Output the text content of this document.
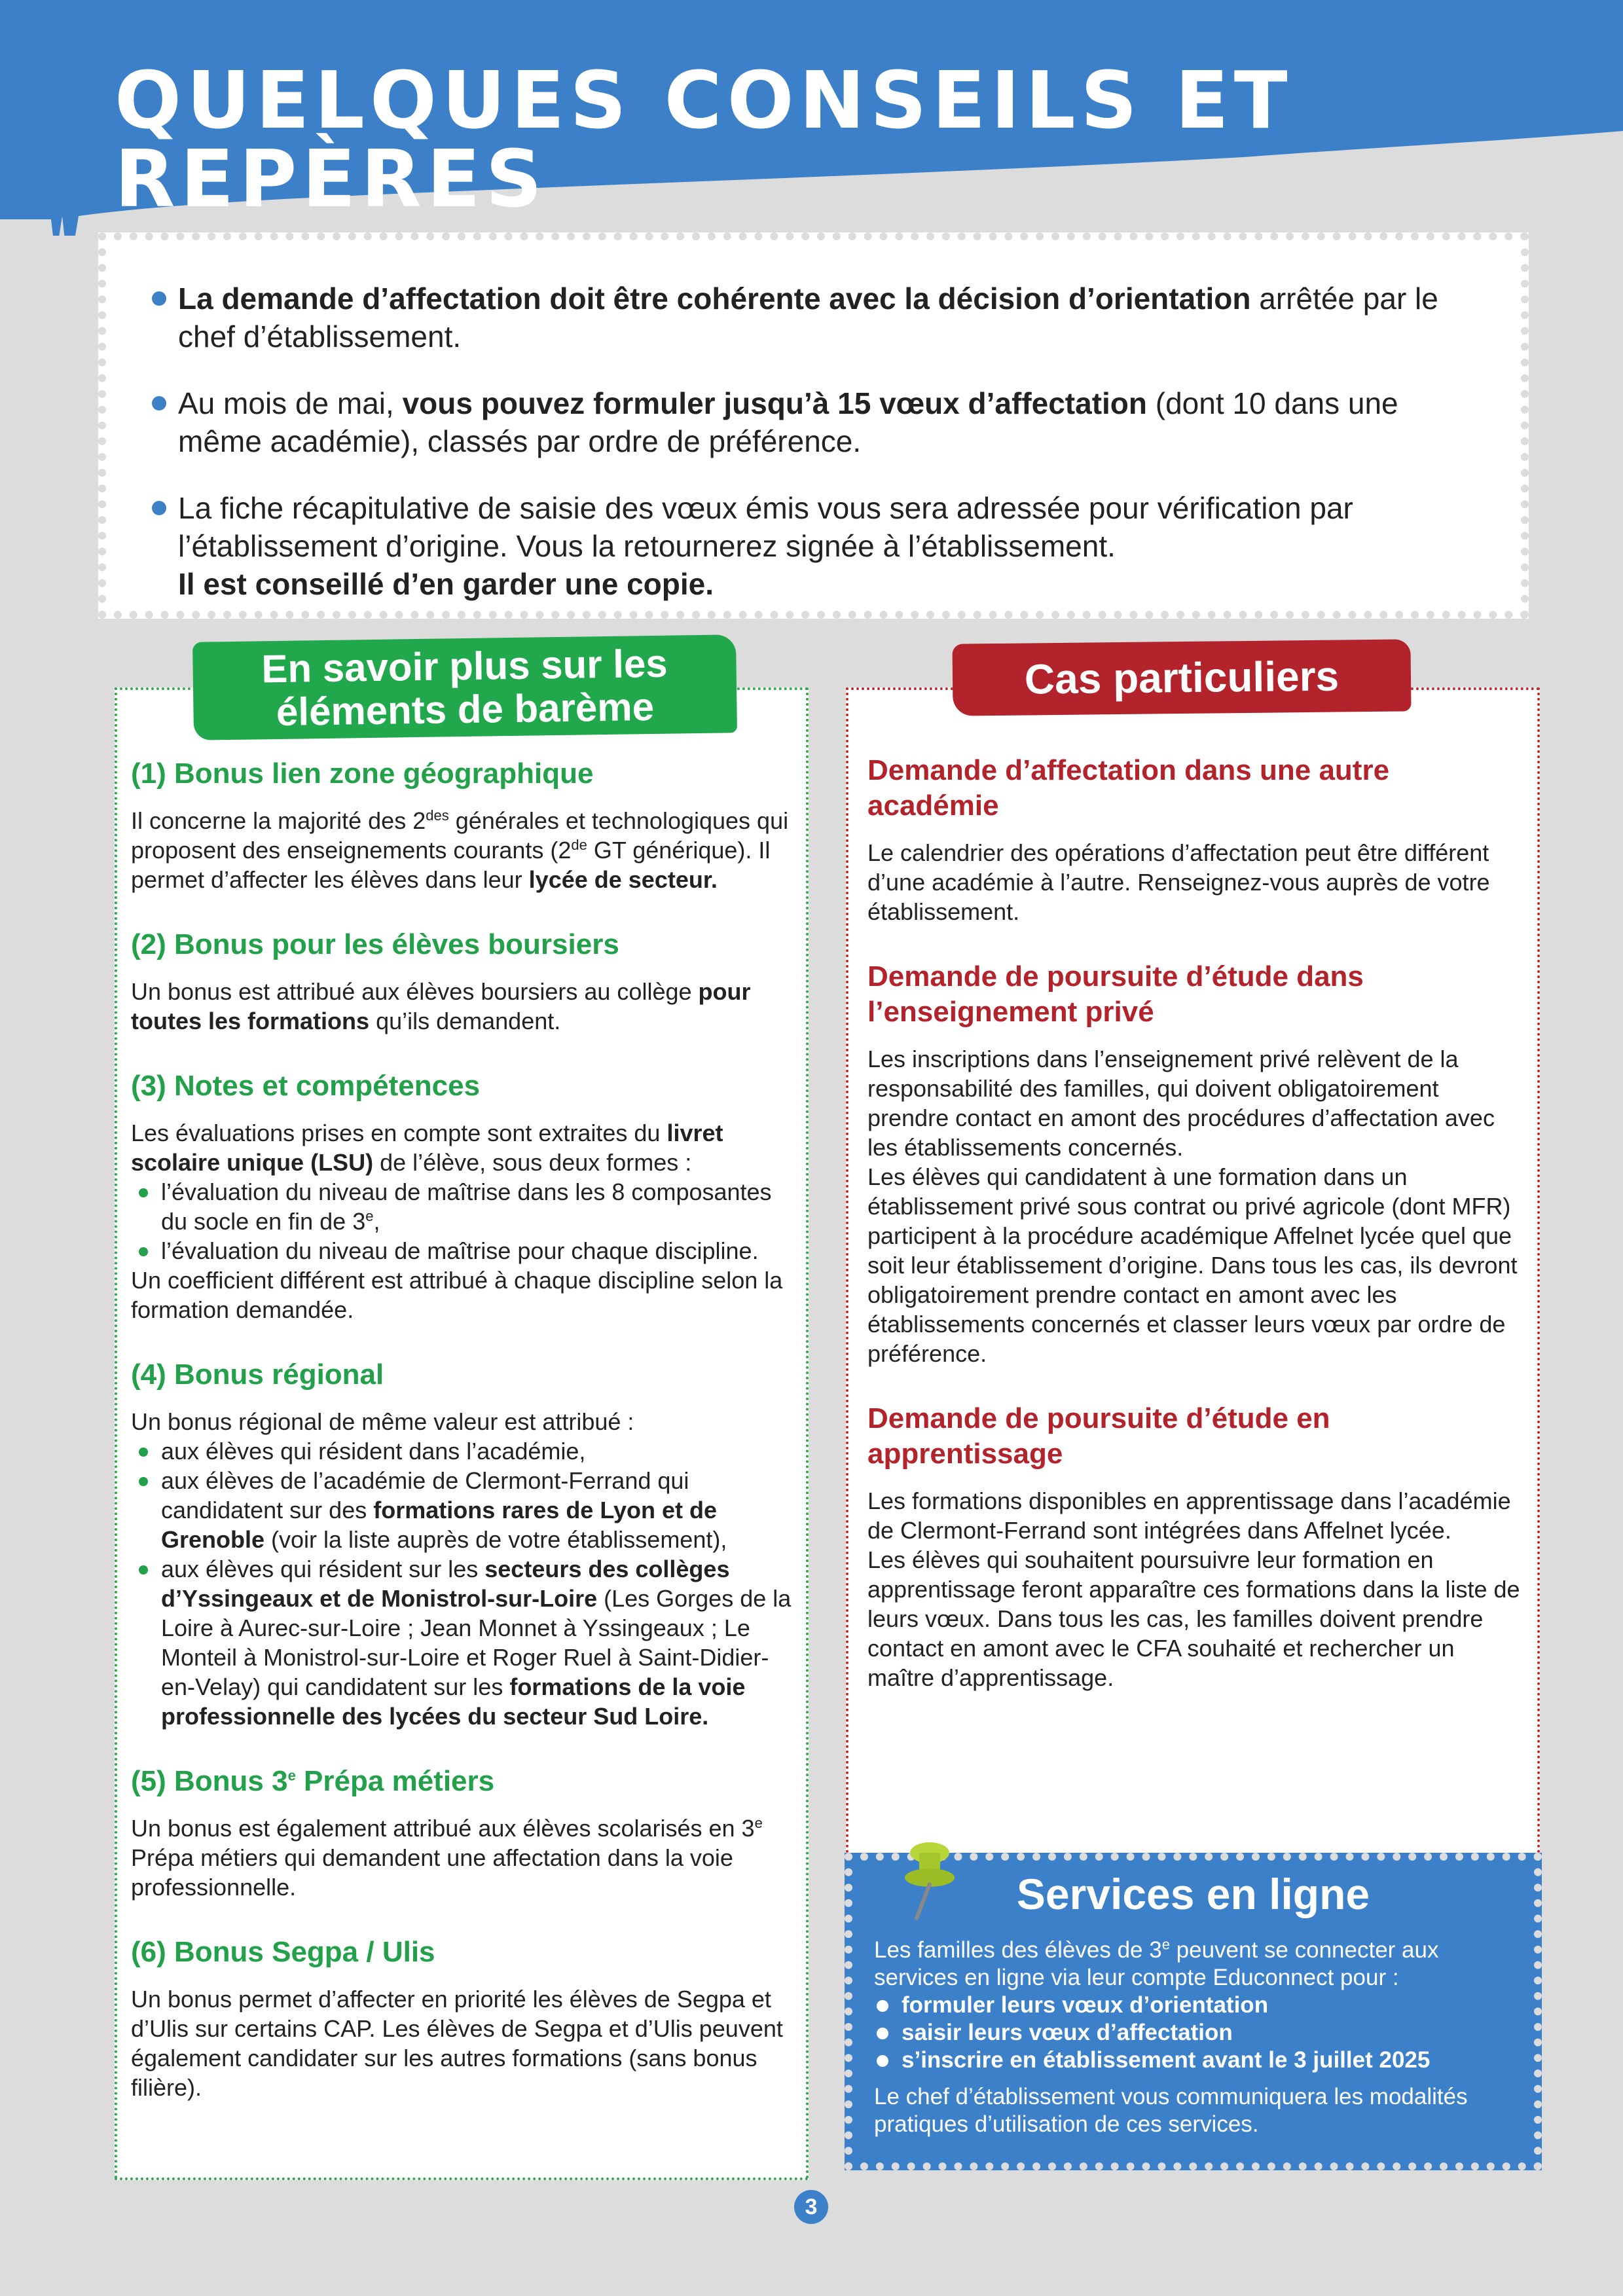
QUELQUES CONSEILS ET REPÈRES
La demande d’affectation doit être cohérente avec la décision d’orientation arrêtée par le chef d’établissement.
Au mois de mai, vous pouvez formuler jusqu’à 15 vœux d’affectation (dont 10 dans une même académie), classés par ordre de préférence.
La fiche récapitulative de saisie des vœux émis vous sera adressée pour vérification par l’établissement d’origine. Vous la retournerez signée à l’établissement.
Il est conseillé d’en garder une copie.
En savoir plus sur les éléments de barème
Cas particuliers
(1) Bonus lien zone géographique
Il concerne la majorité des $2^{des}$ générales et technologiques qui proposent des enseignements courants (2de GT générique). Il permet d’affecter les élèves dans leur lycée de secteur.
(2) Bonus pour les élèves boursiers
Un bonus est attribué aux élèves boursiers au collège pour toutes les formations qu’ils demandent.
(3) Notes et compétences
Les évaluations prises en compte sont extraites du livret scolaire unique (LSU) de l’élève, sous deux formes :
l’évaluation du niveau de maîtrise dans les 8 composantes du socle en fin de 3e,
l’évaluation du niveau de maîtrise pour chaque discipline.
Un coefficient différent est attribué à chaque discipline selon la formation demandée.
(4) Bonus régional
Un bonus régional de même valeur est attribué :
aux élèves qui résident dans l’académie,
aux élèves de l’académie de Clermont-Ferrand qui candidatent sur des formations rares de Lyon et de Grenoble (voir la liste auprès de votre établissement),
aux élèves qui résident sur les secteurs des collèges d’Yssingeaux et de Monistrol-sur-Loire (Les Gorges de la Loire à Aurec-sur-Loire ; Jean Monnet à Yssingeaux ; Le Monteil à Monistrol-sur-Loire et Roger Ruel à Saint-Didier-en-Velay) qui candidatent sur les formations de la voie professionnelle des lycées du secteur Sud Loire.
(5) Bonus 3e Prépa métiers
Un bonus est également attribué aux élèves scolarisés en 3e Prépa métiers qui demandent une affectation dans la voie professionnelle.
(6) Bonus Segpa / Ulis
Un bonus permet d’affecter en priorité les élèves de Segpa et d’Ulis sur certains CAP. Les élèves de Segpa et d’Ulis peuvent également candidater sur les autres formations (sans bonus filière).
Demande d’affectation dans une autre académie
Le calendrier des opérations d’affectation peut être différent d’une académie à l’autre. Renseignez-vous auprès de votre établissement.
Demande de poursuite d’étude dans l’enseignement privé
Les inscriptions dans l’enseignement privé relèvent de la responsabilité des familles, qui doivent obligatoirement prendre contact en amont des procédures d’affectation avec les établissements concernés.
Les élèves qui candidatent à une formation dans un établissement privé sous contrat ou privé agricole (dont MFR) participent à la procédure académique Affelnet lycée quel que soit leur établissement d’origine. Dans tous les cas, ils devront obligatoirement prendre contact en amont avec les établissements concernés et classer leurs vœux par ordre de préférence.
Demande de poursuite d’étude en apprentissage
Les formations disponibles en apprentissage dans l’académie de Clermont-Ferrand sont intégrées dans Affelnet lycée.
Les élèves qui souhaitent poursuivre leur formation en apprentissage feront apparaître ces formations dans la liste de leurs vœux. Dans tous les cas, les familles doivent prendre contact en amont avec le CFA souhaité et rechercher un maître d’apprentissage.
Services en ligne
Les familles des élèves de 3e peuvent se connecter aux services en ligne via leur compte Educonnect pour :
formuler leurs vœux d’orientation
saisir leurs vœux d’affectation
s’inscrire en établissement avant le 3 juillet 2025
Le chef d’établissement vous communiquera les modalités pratiques d’utilisation de ces services.
3
